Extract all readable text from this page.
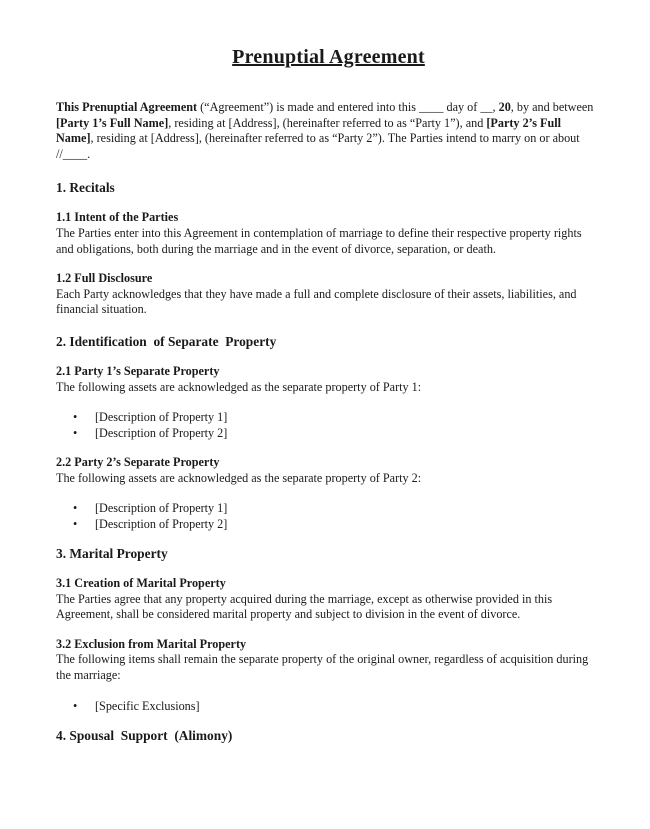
Prenuptial Agreement

This Prenuptial Agreement (“Agreement”) is made and entered into this ____ day of __, 20, by and between [Party 1’s Full Name], residing at [Address], (hereinafter referred to as “Party 1”), and [Party 2’s Full Name], residing at [Address], (hereinafter referred to as “Party 2”). The Parties intend to marry on or about //____.

1. Recitals
1.1 Intent of the Parties

The Parties enter into this Agreement in contemplation of marriage to define their respective property rights and obligations, both during the marriage and in the event of divorce, separation, or death.

1.2 Full Disclosure

Each Party acknowledges that they have made a full and complete disclosure of their assets, liabilities, and financial situation.

2. Identification  of Separate  Property
2.1 Party 1’s Separate Property

The following assets are acknowledged as the separate property of Party 1:

• [Description of Property 1]
• [Description of Property 2]
2.2 Party 2’s Separate Property

The following assets are acknowledged as the separate property of Party 2:

• [Description of Property 1]
• [Description of Property 2]
3. Marital Property
3.1 Creation of Marital Property

The Parties agree that any property acquired during the marriage, except as otherwise provided in this Agreement, shall be considered marital property and subject to division in the event of divorce.

3.2 Exclusion from Marital Property

The following items shall remain the separate property of the original owner, regardless of acquisition during the marriage:

• [Specific Exclusions]
4. Spousal  Support  (Alimony)
